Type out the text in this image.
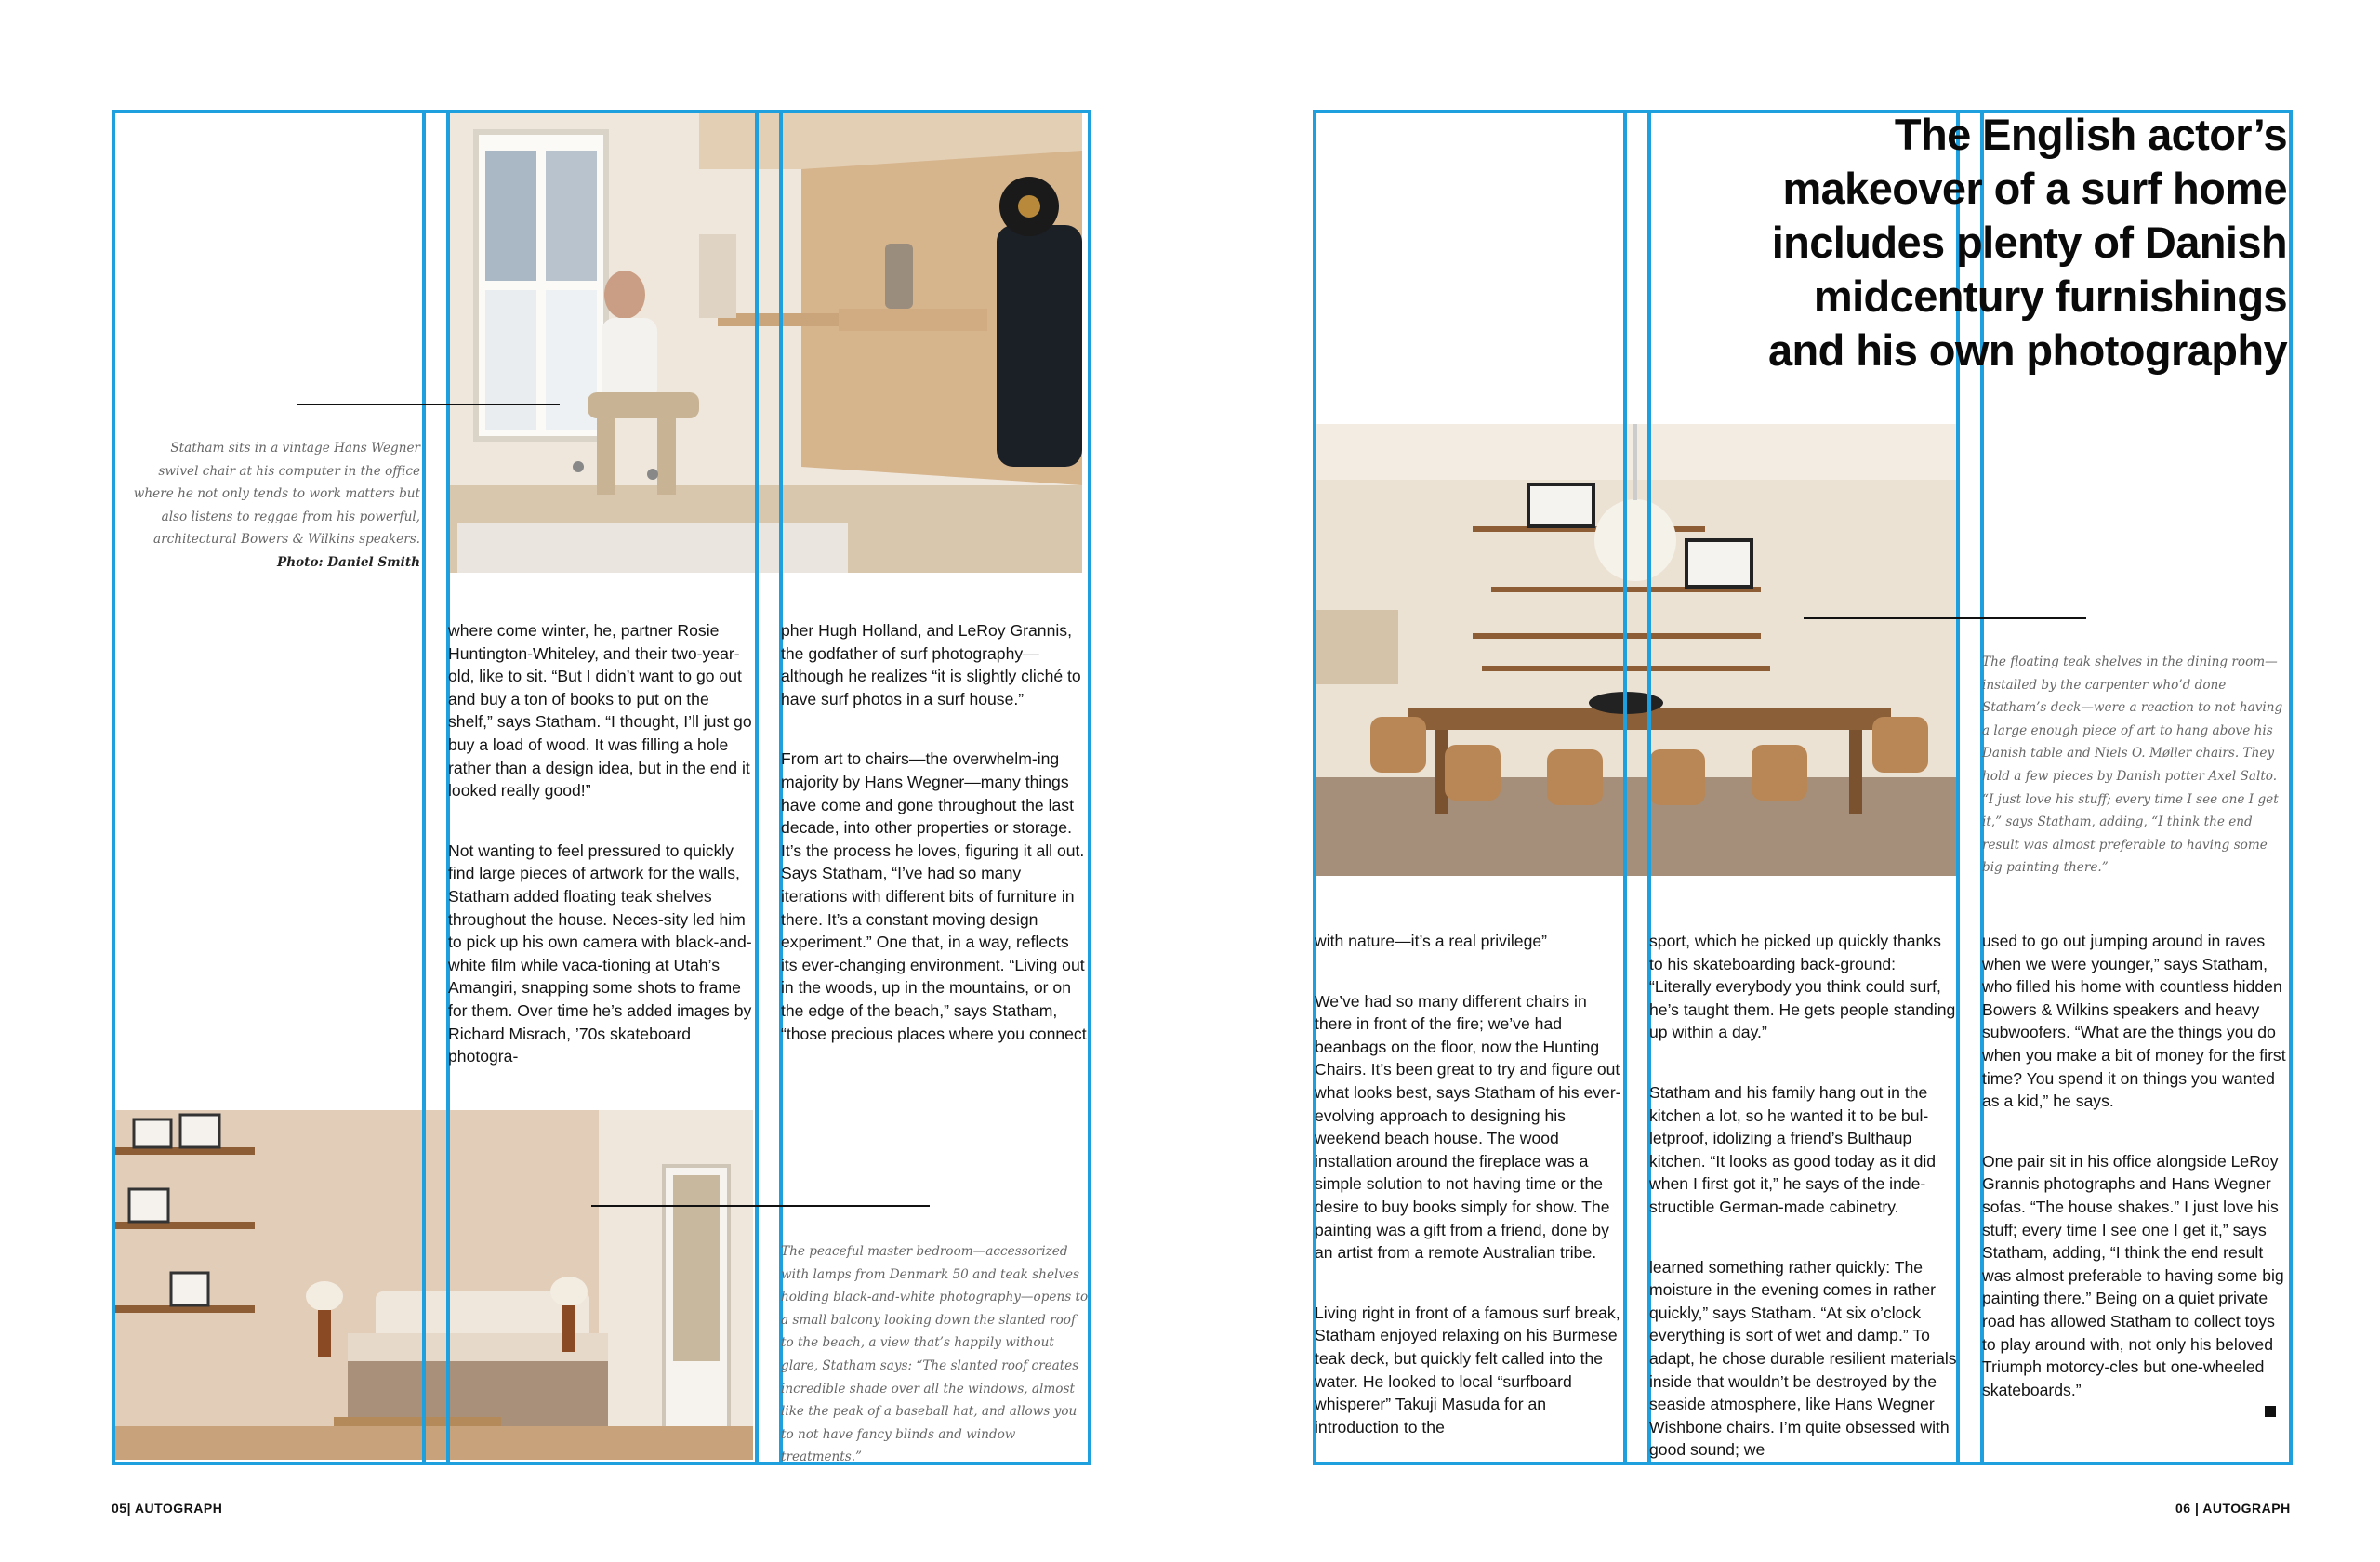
Statham sits in a vintage Hans Wegner swivel chair at his computer in the office where he not only tends to work matters but also listens to reggae from his powerful, architectural Bowers & Wilkins speakers.
Photo: Daniel Smith

where come winter, he, partner Rosie Huntington-Whiteley, and their two-year-old, like to sit. “But I didn’t want to go out and buy a ton of books to put on the shelf,” says Statham. “I thought, I’ll just go buy a load of wood. It was filling a hole rather than a design idea, but in the end it looked really good!”

Not wanting to feel pressured to quickly find large pieces of artwork for the walls, Statham added floating teak shelves throughout the house. Neces-sity led him to pick up his own camera with black-and-white film while vaca-tioning at Utah’s Amangiri, snapping some shots to frame for them. Over time he’s added images by Richard Misrach, ’70s skateboard photogra-

pher Hugh Holland, and LeRoy Grannis, the godfather of surf photography—although he realizes “it is slightly cliché to have surf photos in a surf house.”

From art to chairs—the overwhelm-ing majority by Hans Wegner—many things have come and gone throughout the last decade, into other properties or storage. It’s the process he loves, figuring it all out. Says Statham, “I’ve had so many iterations with different bits of furniture in there. It’s a constant moving design experiment.” One that, in a way, reflects its ever-changing environment. “Living out in the woods, up in the mountains, or on the edge of the beach,” says Statham, “those precious places where you connect

The peaceful master bedroom—accessorized with lamps from Denmark 50 and teak shelves holding black-and-white photography—opens to a small balcony looking down the slanted roof to the beach, a view that’s happily without glare, Statham says: “The slanted roof creates incredible shade over all the windows, almost like the peak of a baseball hat, and allows you to not have fancy blinds and window treatments.”
05| AUTOGRAPH
The English actor’s
makeover of a surf home
includes plenty of Danish
midcentury furnishings
and his own photography
The floating teak shelves in the dining room—installed by the carpenter who’d done Statham’s deck—were a reaction to not having a large enough piece of art to hang above his Danish table and Niels O. Møller chairs. They hold a few pieces by Danish potter Axel Salto. “I just love his stuff; every time I see one I get it,” says Statham, adding, “I think the end result was almost preferable to having some big painting there.”

with nature—it’s a real privilege”

We’ve had so many different chairs in there in front of the fire; we’ve had beanbags on the floor, now the Hunting Chairs. It’s been great to try and figure out what looks best, says Statham of his ever-evolving approach to designing his weekend beach house. The wood installation around the fireplace was a simple solution to not having time or the desire to buy books simply for show. The painting was a gift from a friend, done by an artist from a remote Australian tribe.

Living right in front of a famous surf break, Statham enjoyed relaxing on his Burmese teak deck, but quickly felt called into the water. He looked to local “surfboard whisperer” Takuji Masuda for an introduction to the

sport, which he picked up quickly thanks to his skateboarding back-ground: “Literally everybody you think could surf, he’s taught them. He gets people standing up within a day.”

Statham and his family hang out in the kitchen a lot, so he wanted it to be bul-letproof, idolizing a friend’s Bulthaup kitchen. “It looks as good today as it did when I first got it,” he says of the inde-structible German-made cabinetry.

learned something rather quickly: The moisture in the evening comes in rather quickly,” says Statham. “At six o’clock everything is sort of wet and damp.” To adapt, he chose durable resilient materials inside that wouldn’t be destroyed by the seaside atmosphere, like Hans Wegner Wishbone chairs. I’m quite obsessed with good sound; we

used to go out jumping around in raves when we were younger,” says Statham, who filled his home with countless hidden Bowers & Wilkins speakers and heavy subwoofers. “What are the things you do when you make a bit of money for the first time? You spend it on things you wanted as a kid,” he says.

One pair sit in his office alongside LeRoy Grannis photographs and Hans Wegner sofas. “The house shakes.” I just love his stuff; every time I see one I get it,” says Statham, adding, “I think the end result was almost preferable to having some big painting there.” Being on a quiet private road has allowed Statham to collect toys to play around with, not only his beloved Triumph motorcy-cles but one-wheeled skateboards.”

06 | AUTOGRAPH
